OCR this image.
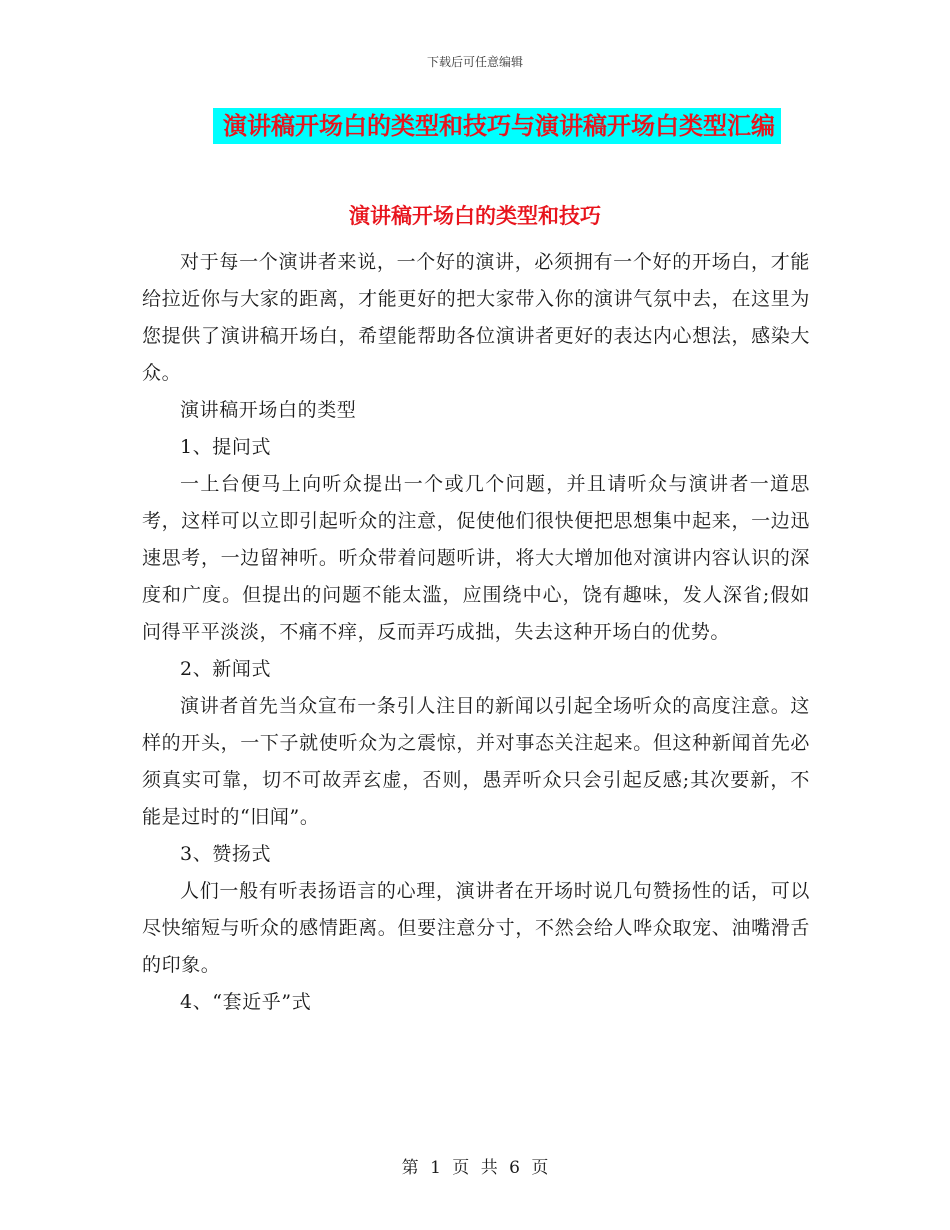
下载后可任意编辑
演讲稿开场白的类型和技巧与演讲稿开场白类型汇编
演讲稿开场白的类型和技巧

对于每一个演讲者来说，一个好的演讲，必须拥有一个好的开场白，才能给拉近你与大家的距离，才能更好的把大家带入你的演讲气氛中去，在这里为您提供了演讲稿开场白，希望能帮助各位演讲者更好的表达内心想法，感染大众。

演讲稿开场白的类型

1、提问式

一上台便马上向听众提出一个或几个问题，并且请听众与演讲者一道思考，这样可以立即引起听众的注意，促使他们很快便把思想集中起来，一边迅速思考，一边留神听。听众带着问题听讲，将大大增加他对演讲内容认识的深度和广度。但提出的问题不能太滥，应围绕中心，饶有趣味，发人深省;假如问得平平淡淡，不痛不痒，反而弄巧成拙，失去这种开场白的优势。

2、新闻式

演讲者首先当众宣布一条引人注目的新闻以引起全场听众的高度注意。这样的开头，一下子就使听众为之震惊，并对事态关注起来。但这种新闻首先必须真实可靠，切不可故弄玄虚，否则，愚弄听众只会引起反感;其次要新，不能是过时的“旧闻”。

3、赞扬式

人们一般有听表扬语言的心理，演讲者在开场时说几句赞扬性的话，可以尽快缩短与听众的感情距离。但要注意分寸，不然会给人哗众取宠、油嘴滑舌的印象。

4、“套近乎”式

第 1 页 共 6 页
